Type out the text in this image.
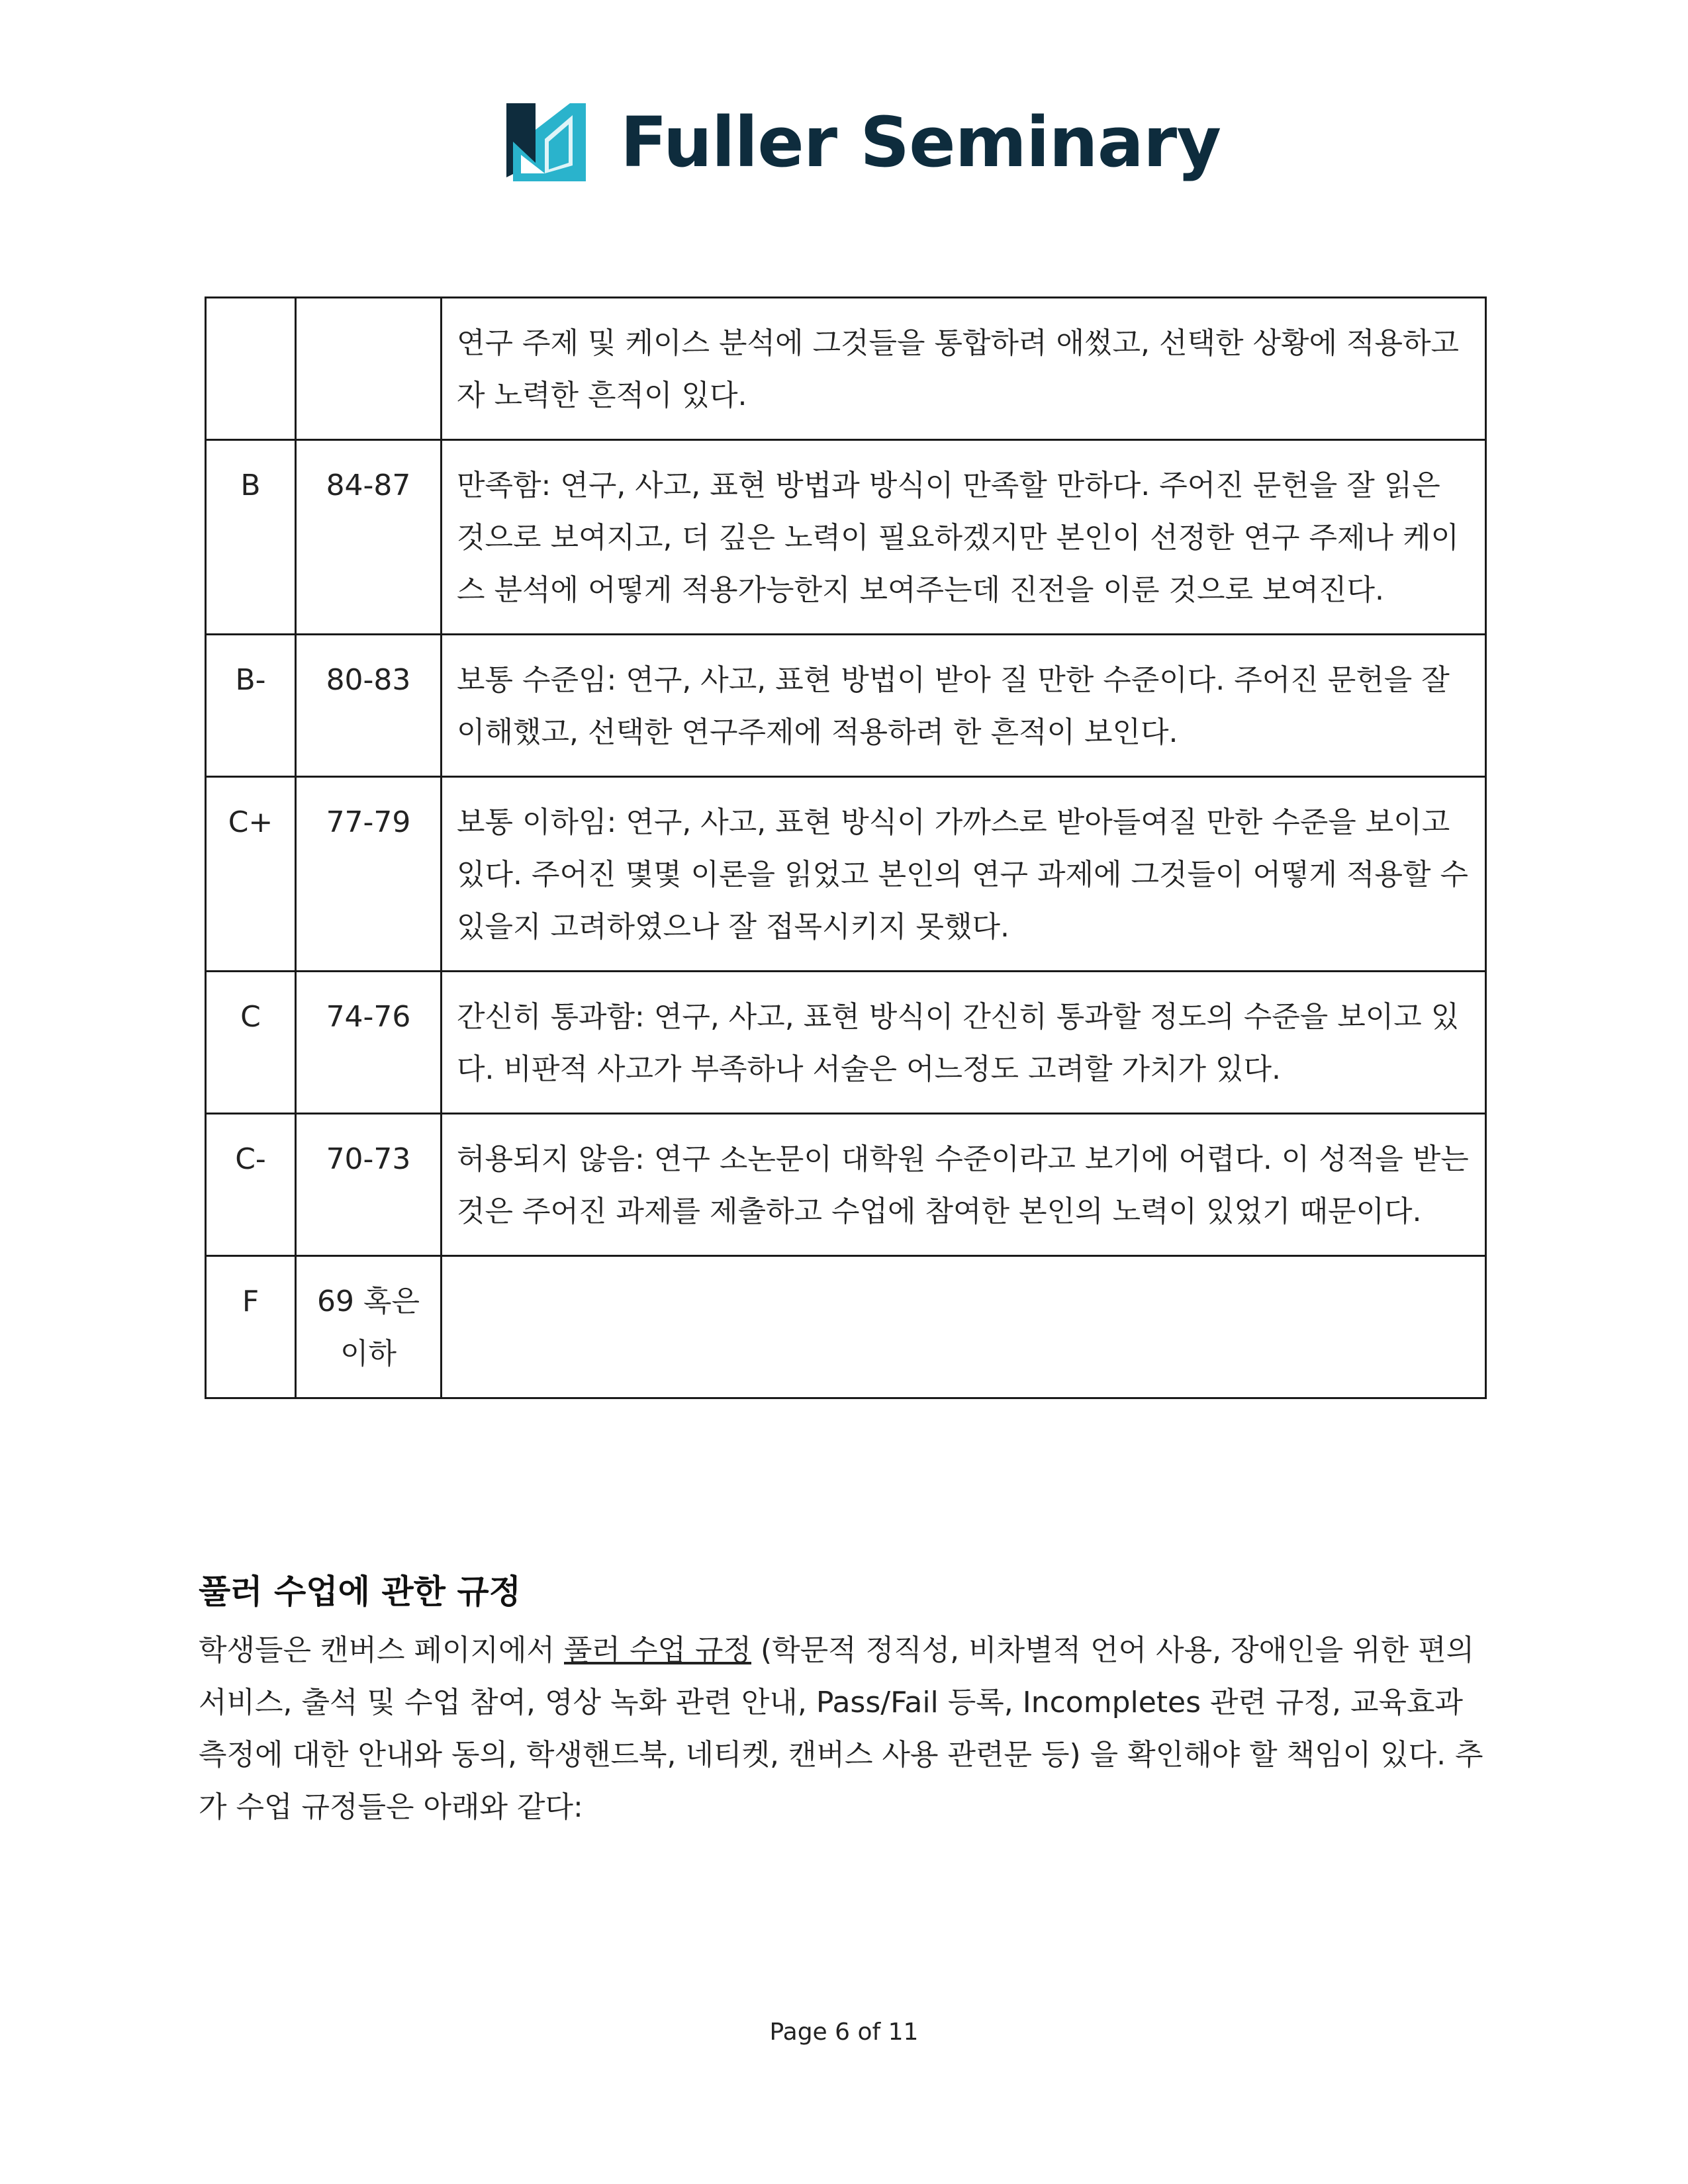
Fuller Seminary
		연구 주제 및 케이스 분석에 그것들을 통합하려 애썼고, 선택한 상황에 적용하고자 노력한 흔적이 있다.
B	84-87	만족함: 연구, 사고, 표현 방법과 방식이 만족할 만하다. 주어진 문헌을 잘 읽은 것으로 보여지고, 더 깊은 노력이 필요하겠지만 본인이 선정한 연구 주제나 케이스 분석에 어떻게 적용가능한지 보여주는데 진전을 이룬 것으로 보여진다.
B-	80-83	보통 수준임: 연구, 사고, 표현 방법이 받아 질 만한 수준이다. 주어진 문헌을 잘 이해했고, 선택한 연구주제에 적용하려 한 흔적이 보인다.
C+	77-79	보통 이하임: 연구, 사고, 표현 방식이 가까스로 받아들여질 만한 수준을 보이고 있다. 주어진 몇몇 이론을 읽었고 본인의 연구 과제에 그것들이 어떻게 적용할 수 있을지 고려하였으나 잘 접목시키지 못했다.
C	74-76	간신히 통과함: 연구, 사고, 표현 방식이 간신히 통과할 정도의 수준을 보이고 있다. 비판적 사고가 부족하나 서술은 어느정도 고려할 가치가 있다.
C-	70-73	허용되지 않음: 연구 소논문이 대학원 수준이라고 보기에 어렵다. 이 성적을 받는 것은 주어진 과제를 제출하고 수업에 참여한 본인의 노력이 있었기 때문이다.
F	69 혹은 이하	
풀러 수업에 관한 규정

학생들은 캔버스 페이지에서 풀러 수업 규정 (학문적 정직성, 비차별적 언어 사용, 장애인을 위한 편의 서비스, 출석 및 수업 참여, 영상 녹화 관련 안내, Pass/Fail 등록, Incompletes 관련 규정, 교육효과 측정에 대한 안내와 동의, 학생핸드북, 네티켓, 캔버스 사용 관련문 등) 을 확인해야 할 책임이 있다. 추가 수업 규정들은 아래와 같다:

Page 6 of 11
